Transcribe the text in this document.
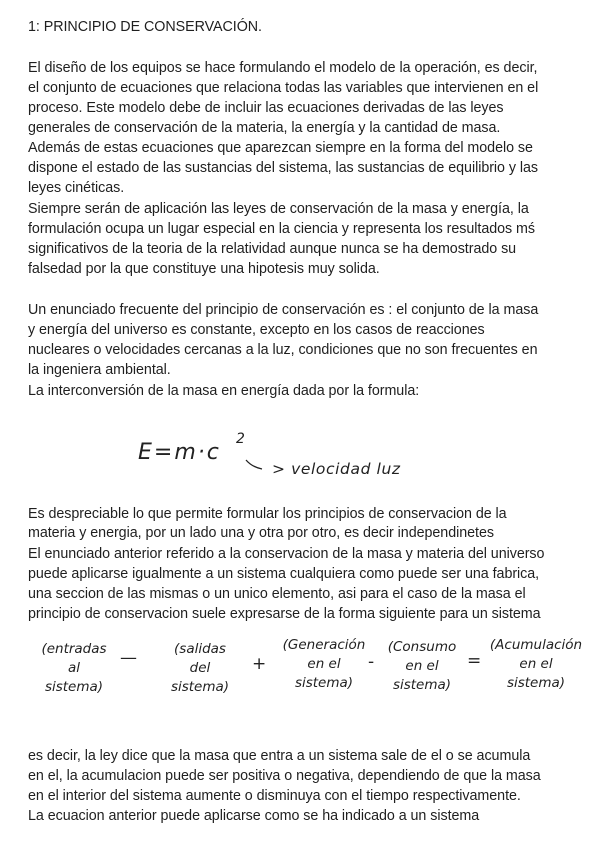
1: PRINCIPIO DE CONSERVACIÓN.
El diseño de los equipos se hace formulando el modelo de la operación, es decir,
el conjunto de ecuaciones que relaciona todas las variables que intervienen en el
proceso. Este modelo debe de incluir las ecuaciones derivadas de las leyes
generales de conservación de la materia, la energía y la cantidad de masa.
Además de estas ecuaciones que aparezcan siempre en la forma del modelo se
dispone el estado de las sustancias del sistema, las sustancias de equilibrio y las
leyes cinéticas.
Siempre serán de aplicación las leyes de conservación de la masa y energía, la
formulación ocupa un lugar especial en la ciencia y representa los resultados mś
significativos de la teoria de la relatividad aunque nunca se ha demostrado su
falsedad por la que constituye una hipotesis muy solida.
Un enunciado frecuente del principio de conservación es : el conjunto de la masa
y energía del universo es constante, excepto en los casos de reacciones
nucleares o velocidades cercanas a la luz, condiciones que no son frecuentes en
la ingeniera ambiental.
La interconversión de la masa en energía dada por la formula:
E=m·c
2
> velocidad luz
Es despreciable lo que permite formular los principios de conservacion de la
materia y energia, por un lado una y otra por otro, es decir independinetes
El enunciado anterior referido a la conservacion de la masa y materia del universo
puede aplicarse igualmente a un sistema cualquiera como puede ser una fabrica,
una seccion de las mismas o un unico elemento, asi para el caso de la masa el
principio de conservacion suele expresarse de la forma siguiente para un sistema
(entradas
al
sistema)
—	(salidas
del
sistema)
+
(Generación
en el
sistema)
-
(Consumo
en el
sistema)
=
(Acumulación
en el
sistema)
es decir, la ley dice que la masa que entra a un sistema sale de el o se acumula
en el, la acumulacion puede ser positiva o negativa, dependiendo de que la masa
en el interior del sistema aumente o disminuya con el tiempo respectivamente.
La ecuacion anterior puede aplicarse como se ha indicado a un sistema
